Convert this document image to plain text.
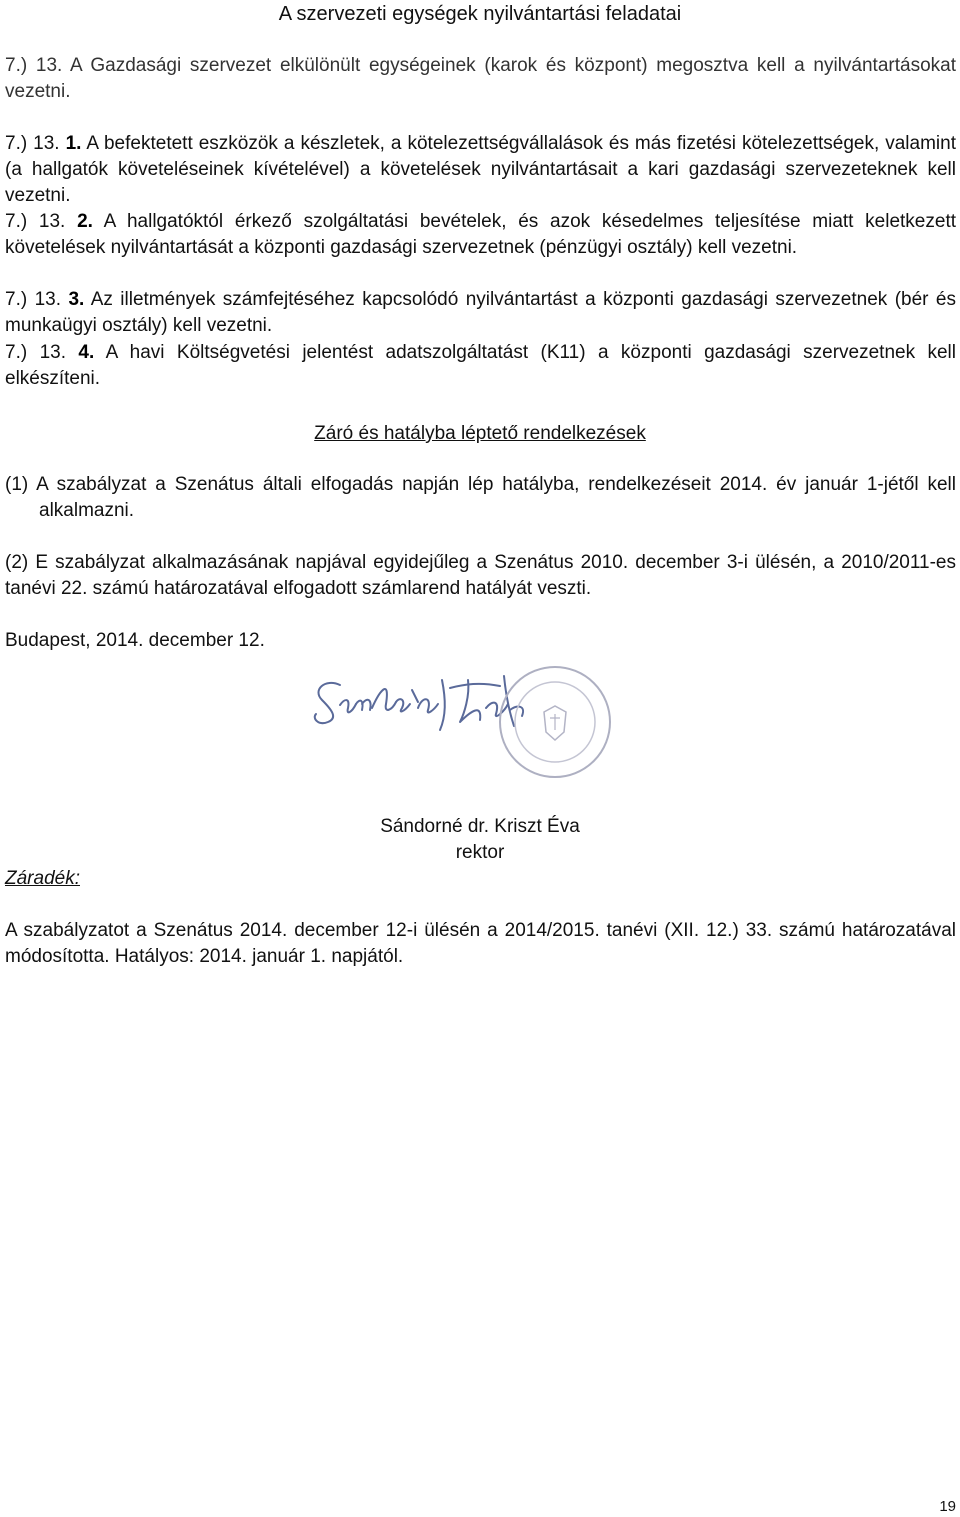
A szervezeti egységek nyilvántartási feladatai
7.) 13. A Gazdasági szervezet elkülönült egységeinek (karok és központ) megosztva kell a nyilvántartásokat vezetni.
7.) 13. 1. A befektetett eszközök a készletek, a kötelezettségvállalások és más fizetési kötelezettségek, valamint (a hallgatók követeléseinek kívételével) a követelések nyilvántartásait a kari gazdasági szervezeteknek kell vezetni.
7.) 13. 2. A hallgatóktól érkező szolgáltatási bevételek, és azok késedelmes teljesítése miatt keletkezett követelések nyilvántartását a központi gazdasági szervezetnek (pénzügyi osztály) kell vezetni.
7.) 13. 3. Az illetmények számfejtéséhez kapcsolódó nyilvántartást a központi gazdasági szervezetnek (bér és munkaügyi osztály) kell vezetni.
7.) 13. 4. A havi Költségvetési jelentést adatszolgáltatást (K11) a központi gazdasági szervezetnek kell elkészíteni.
Záró és hatályba léptető rendelkezések
(1) A szabályzat a Szenátus általi elfogadás napján lép hatályba, rendelkezéseit 2014. év január 1-jétől kell alkalmazni.
(2) E szabályzat alkalmazásának napjával egyidejűleg a Szenátus 2010. december 3-i ülésén, a 2010/2011-es tanévi 22. számú határozatával elfogadott számlarend hatályát veszti.
Budapest, 2014. december 12.
Sándorné dr. Kriszt Éva
rektor
Záradék:
A szabályzatot a Szenátus 2014. december 12-i ülésén a 2014/2015. tanévi (XII. 12.) 33. számú határozatával módosította. Hatályos: 2014. január 1. napjától.
19
